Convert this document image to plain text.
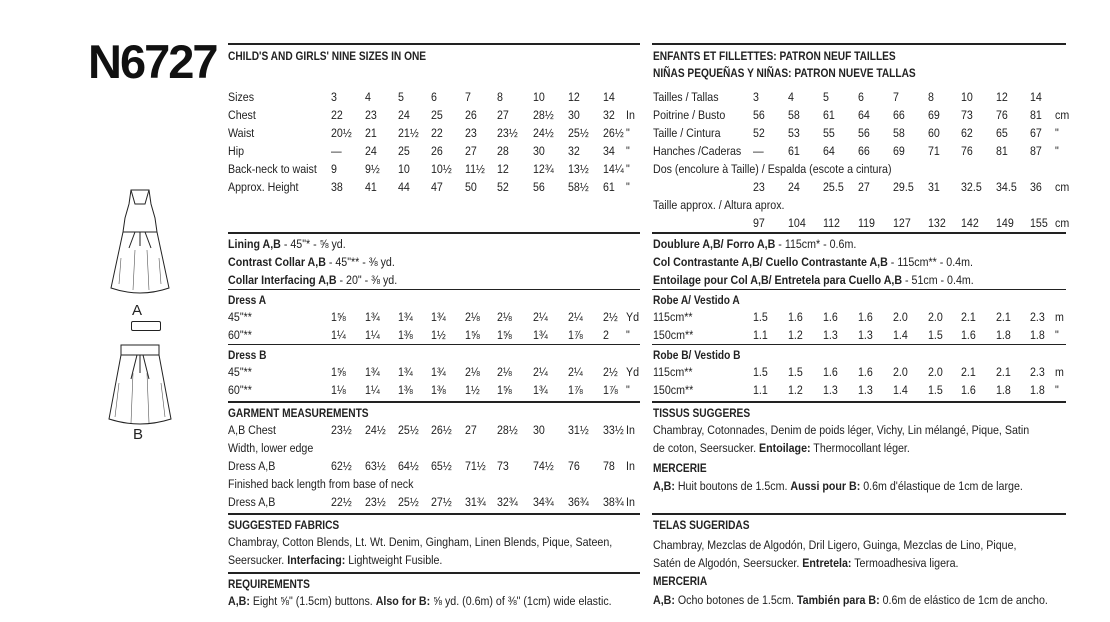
N6727
A
B
CHILD'S AND GIRLS' NINE SIZES IN ONE
Sizes	3 4 5 6 7 8 10 12 14
Chest	22 23 24 25 26 27 28½ 30 32 In
Waist	20½ 21 21½ 22 23 23½ 24½ 25½ 26½ "
Hip	— 24 25 26 27 28 30 32 34 "
Back-neck to waist 9 9½ 10 10½ 11½ 12 12¾ 13½ 14¼ "
Approx. Height	38 41 44 47 50 52 56 58½ 61 "
Lining A,B - 45"* - ⅝ yd.
Contrast Collar A,B - 45"** - ⅜ yd.
Collar Interfacing A,B - 20" - ⅜ yd.
Dress A
45"**	1⅝ 1¾ 1¾ 1¾ 2⅛ 2⅛ 2¼ 2¼ 2½ Yd
60"**	1¼ 1¼ 1⅜ 1½ 1⅝ 1⅝ 1¾ 1⅞ 2 "
Dress B
45"**	1⅝ 1¾ 1¾ 1¾ 2⅛ 2⅛ 2¼ 2¼ 2½ Yd
60"**	1⅛ 1¼ 1⅜ 1⅜ 1½ 1⅝ 1¾ 1⅞ 1⅞ "
GARMENT MEASUREMENTS
A,B Chest	23½ 24½ 25½ 26½ 27 28½ 30 31½ 33½ In
Width, lower edge
Dress A,B	62½ 63½ 64½ 65½ 71½ 73 74½ 76 78 In
Finished back length from base of neck
Dress A,B	22½ 23½ 25½ 27½ 31¾ 32¾ 34¾ 36¾ 38¾ In
SUGGESTED FABRICS
Chambray, Cotton Blends, Lt. Wt. Denim, Gingham, Linen Blends, Pique, Sateen,
Seersucker. Interfacing: Lightweight Fusible.
REQUIREMENTS
A,B: Eight ⅝" (1.5cm) buttons. Also for B: ⅝ yd. (0.6m) of ⅜" (1cm) wide elastic.
ENFANTS ET FILLETTES: PATRON NEUF TAILLES
NIÑAS PEQUEÑAS Y NIÑAS: PATRON NUEVE TALLAS
Tailles / Tallas	3 4 5 6 7 8 10 12 14
Poitrine / Busto 56 58 61 64 66 69 73 76 81 cm
Taille / Cintura	52 53 55 56 58 60 62 65 67 "
Hanches /Caderas — 61 64 66 69 71 76 81 87 "
Dos (encolure à Taille) / Espalda (escote a cintura)
23 24 25.5 27 29.5 31 32.5 34.5 36 cm
Taille approx. / Altura aprox.
97 104 112 119 127 132 142 149 155 cm
Doublure A,B/ Forro A,B - 115cm* - 0.6m.
Col Contrastante A,B/ Cuello Contrastante A,B - 115cm** - 0.4m.
Entoilage pour Col A,B/ Entretela para Cuello A,B - 51cm - 0.4m.
Robe A/ Vestido A
115cm**	1.5 1.6 1.6 1.6 2.0 2.0 2.1 2.1 2.3 m
150cm**	1.1 1.2 1.3 1.3 1.4 1.5 1.6 1.8 1.8 "
Robe B/ Vestido B
115cm**	1.5 1.5 1.6 1.6 2.0 2.0 2.1 2.1 2.3 m
150cm**	1.1 1.2 1.3 1.3 1.4 1.5 1.6 1.8 1.8 "
TISSUS SUGGERES
Chambray, Cotonnades, Denim de poids léger, Vichy, Lin mélangé, Pique, Satin
de coton, Seersucker. Entoilage: Thermocollant léger.
MERCERIE
A,B: Huit boutons de 1.5cm. Aussi pour B: 0.6m d'élastique de 1cm de large.
TELAS SUGERIDAS
Chambray, Mezclas de Algodón, Dril Ligero, Guinga, Mezclas de Lino, Pique,
Satén de Algodón, Seersucker. Entretela: Termoadhesiva ligera.
MERCERIA
A,B: Ocho botones de 1.5cm. También para B: 0.6m de elástico de 1cm de ancho.
